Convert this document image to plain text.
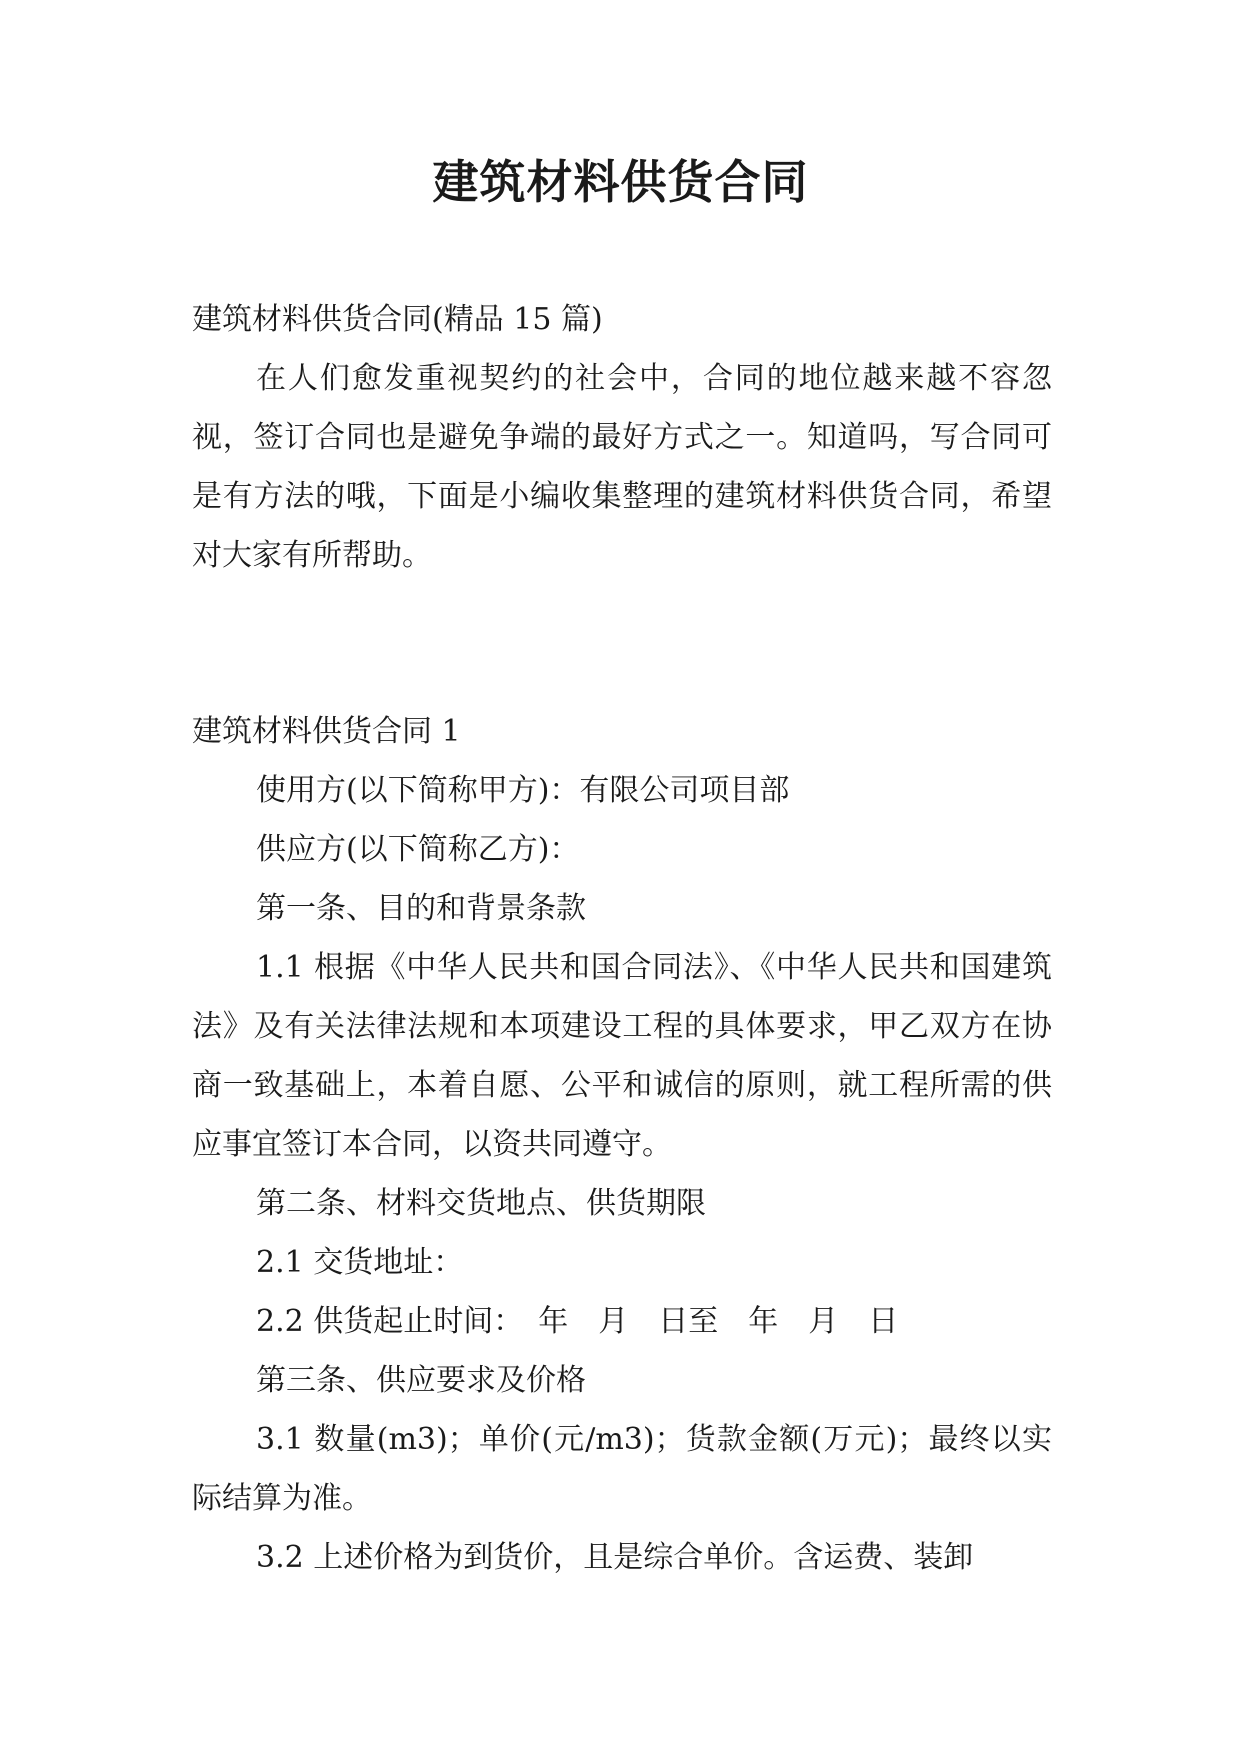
建筑材料供货合同

建筑材料供货合同(精品 15 篇)

在人们愈发重视契约的社会中，合同的地位越来越不容忽视，签订合同也是避免争端的最好方式之一。知道吗，写合同可是有方法的哦，下面是小编收集整理的建筑材料供货合同，希望对大家有所帮助。

建筑材料供货合同 1

使用方(以下简称甲方)：有限公司项目部

供应方(以下简称乙方)：

第一条、目的和背景条款

1.1 根据《中华人民共和国合同法》、《中华人民共和国建筑法》及有关法律法规和本项建设工程的具体要求，甲乙双方在协商一致基础上，本着自愿、公平和诚信的原则，就工程所需的供应事宜签订本合同，以资共同遵守。

第二条、材料交货地点、供货期限

2.1 交货地址：

2.2 供货起止时间：　年　月　日至　年　月　日

第三条、供应要求及价格

3.1 数量(m3)；单价(元/m3)；货款金额(万元)；最终以实际结算为准。

3.2 上述价格为到货价，且是综合单价。含运费、装卸
